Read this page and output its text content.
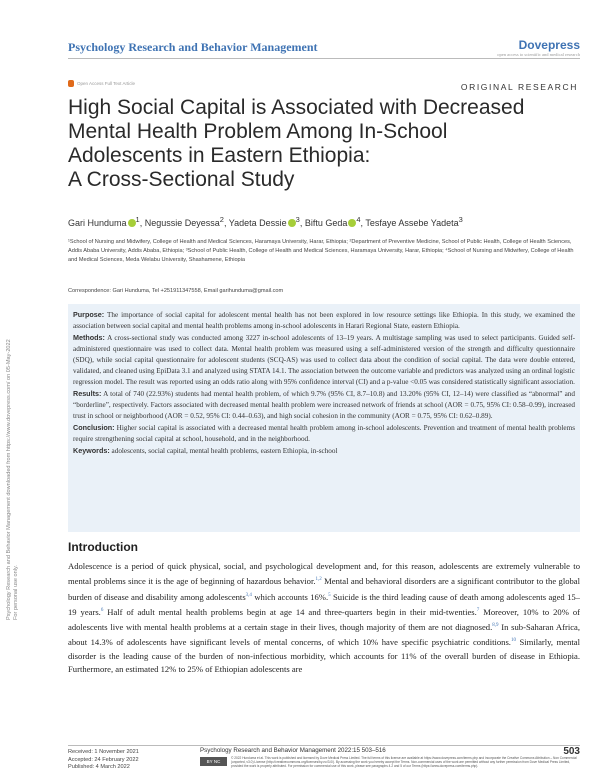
Psychology Research and Behavior Management	Dovepress
open access to scientific and medical research
Open Access Full Text Article	ORIGINAL RESEARCH
High Social Capital is Associated with Decreased
Mental Health Problem Among In-School
Adolescents in Eastern Ethiopia:
A Cross-Sectional Study
Gari Hunduma $^1$, Negussie Deyessa$^2$, Yadeta Dessie $^3$, Biftu Geda $^4$, Tesfaye Assebe Yadeta$^3$
¹School of Nursing and Midwifery, College of Health and Medical Sciences, Haramaya University, Harar, Ethiopia; ²Department of Preventive Medicine, School of Public Health, College of Health Sciences, Addis Ababa University, Addis Ababa, Ethiopia; ³School of Public Health, College of Health and Medical Sciences, Haramaya University, Harar, Ethiopia; ⁴School of Nursing and Midwifery, College of Health and Medical Sciences, Meda Welabu University, Shashamene, Ethiopia
Correspondence: Gari Hunduma, Tel +251911347558, Email garihunduma@gmail.com

Purpose: The importance of social capital for adolescent mental health has not been explored in low resource settings like Ethiopia. In this study, we examined the association between social capital and mental health problems among in-school adolescents in Harari Regional State, eastern Ethiopia.

Methods: A cross-sectional study was conducted among 3227 in-school adolescents of 13–19 years. A multistage sampling was used to select participants. Guided self-administered questionnaire was used to collect data. Mental health problem was measured using a self-administered version of the strength and difficulty questionnaire (SDQ), while social capital questionnaire for adolescent students (SCQ-AS) was used to collect data about the condition of social capital. The data were double entered, validated, and cleaned using EpiData 3.1 and analyzed using STATA 14.1. The association between the outcome variable and predictors was analyzed using an ordinal logistic regression model. The result was reported using an odds ratio along with 95% confidence interval (CI) and a p-value <0.05 was considered statistically significant association.

Results: A total of 740 (22.93%) students had mental health problem, of which 9.7% (95% CI, 8.7–10.8) and 13.20% (95% CI, 12–14) were classified as “abnormal” and “borderline”, respectively. Factors associated with decreased mental health problem were increased network of friends at school (AOR = 0.75, 95% CI: 0.58–0.99), increased trust in school or neighborhood (AOR = 0.52, 95% CI: 0.44–0.63), and high social cohesion in the community (AOR = 0.75, 95% CI: 0.62–0.89).

Conclusion: Higher social capital is associated with a decreased mental health problem among in-school adolescents. Prevention and treatment of mental health problems require strengthening social capital at school, household, and in the neighborhood.

Keywords: adolescents, social capital, mental health problems, eastern Ethiopia, in-school

Introduction
Adolescence is a period of quick physical, social, and psychological development and, for this reason, adolescents are extremely vulnerable to mental problems since it is the age of beginning of hazardous behavior.$^{1,2}$ Mental and behavioral disorders are a significant contributor to the global burden of disease and disability among adolescents$^{3,4}$ which accounts 16%.$^5$ Suicide is the third leading cause of death among adolescents aged 15–19 years.$^6$ Half of adult mental health problems begin at age 14 and three-quarters begin in their mid-twenties.$^7$ Moreover, 10% to 20% of adolescents live with mental health problems at a certain stage in their lives, though majority of them are not diagnosed.$^{8,9}$ In sub-Saharan Africa, about 14.3% of adolescents have significant levels of mental concerns, of which 10% have specific psychiatric conditions.$^{10}$ Similarly, mental disorder is the leading cause of the burden of non-infectious morbidity, which accounts for 11% of the overall burden of disease in Ethiopia. Furthermore, an estimated 12% to 25% of Ethiopian adolescents are
Received: 1 November 2021
Accepted: 24 February 2022
Published: 4 March 2022
Psychology Research and Behavior Management 2022:15 503–516	503
BY NC
© 2022 Hunduma et al. This work is published and licensed by Dove Medical Press Limited. The full terms of this license are available at https://www.dovepress.com/terms.php and incorporate the Creative Commons Attribution – Non Commercial (unported, v3.0) License (http://creativecommons.org/licenses/by-nc/3.0/). By accessing the work you hereby accept the Terms. Non-commercial uses of the work are permitted without any further permission from Dove Medical Press Limited, provided the work is properly attributed. For permission for commercial use of this work, please see paragraphs 4.2 and 5 of our Terms (https://www.dovepress.com/terms.php).
Psychology Research and Behavior Management downloaded from https://www.dovepress.com/ on 05-May-2022 For personal use only.
